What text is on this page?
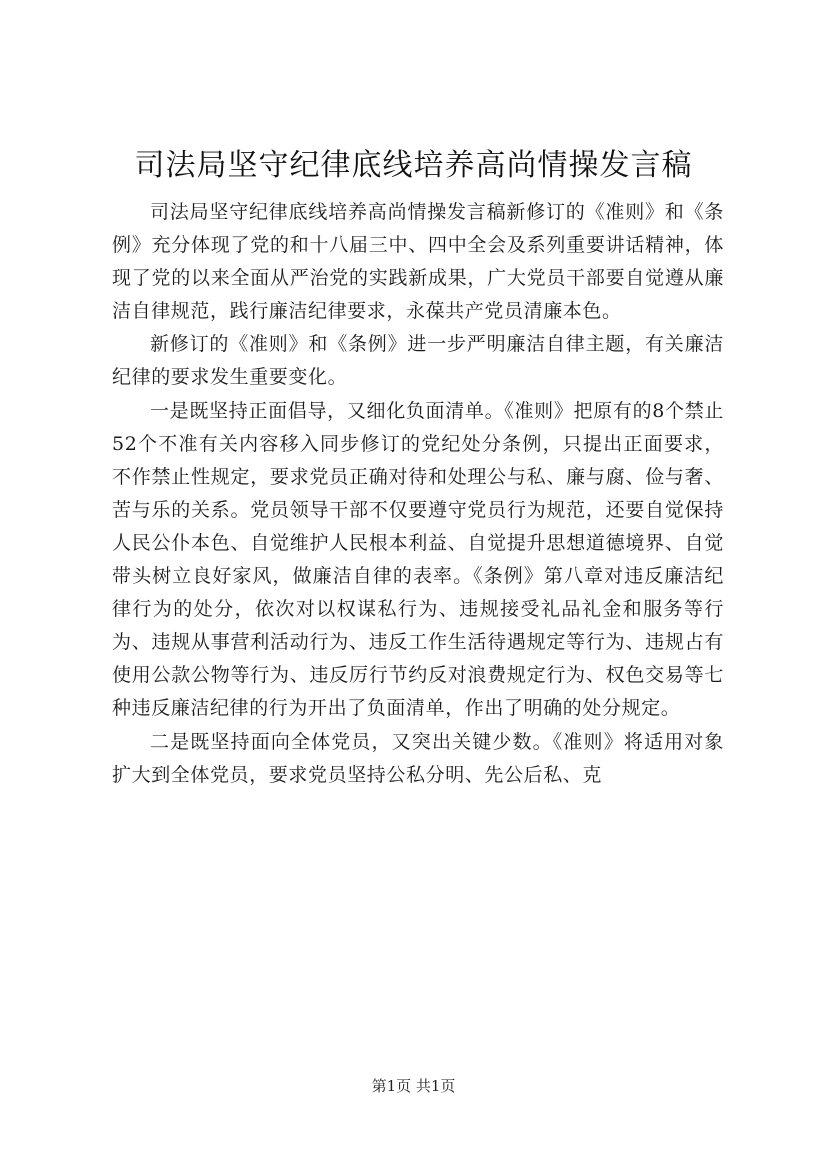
司法局坚守纪律底线培养高尚情操发言稿

司法局坚守纪律底线培养高尚情操发言稿新修订的《准则》和《条例》充分体现了党的和十八届三中、四中全会及系列重要讲话精神，体现了党的以来全面从严治党的实践新成果，广大党员干部要自觉遵从廉洁自律规范，践行廉洁纪律要求，永葆共产党员清廉本色。

新修订的《准则》和《条例》进一步严明廉洁自律主题，有关廉洁纪律的要求发生重要变化。

一是既坚持正面倡导，又细化负面清单。《准则》把原有的8个禁止52个不准有关内容移入同步修订的党纪处分条例，只提出正面要求，不作禁止性规定，要求党员正确对待和处理公与私、廉与腐、俭与奢、苦与乐的关系。党员领导干部不仅要遵守党员行为规范，还要自觉保持人民公仆本色、自觉维护人民根本利益、自觉提升思想道德境界、自觉带头树立良好家风，做廉洁自律的表率。《条例》第八章对违反廉洁纪律行为的处分，依次对以权谋私行为、违规接受礼品礼金和服务等行为、违规从事营利活动行为、违反工作生活待遇规定等行为、违规占有使用公款公物等行为、违反厉行节约反对浪费规定行为、权色交易等七种违反廉洁纪律的行为开出了负面清单，作出了明确的处分规定。

二是既坚持面向全体党员，又突出关键少数。《准则》将适用对象扩大到全体党员，要求党员坚持公私分明、先公后私、克

第1页 共1页
